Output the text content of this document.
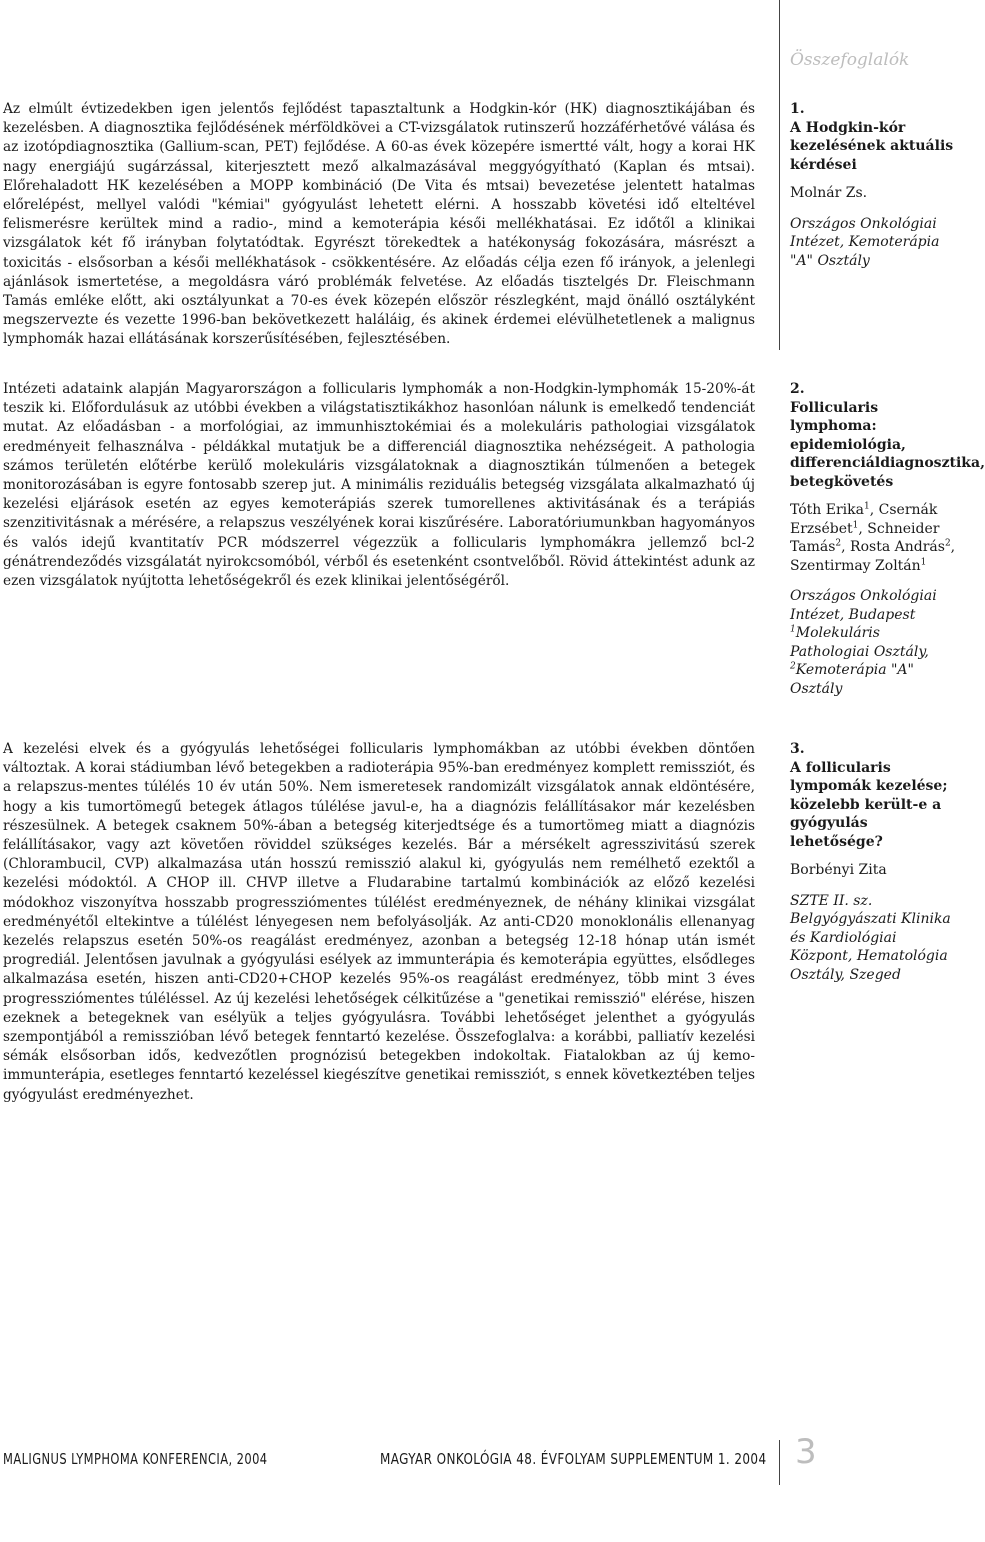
Összefoglalók
Az elmúlt évtizedekben igen jelentős fejlődést tapasztaltunk a Hodgkin-kór (HK) diagnosztikájában és kezelésben. A diagnosztika fejlődésének mérföldkövei a CT-vizsgálatok rutinszerű hozzáférhetővé válása és az izotópdiagnosztika (Gallium-scan, PET) fejlődése. A 60-as évek közepére ismertté vált, hogy a korai HK nagy energiájú sugárzással, kiterjesztett mező alkalmazásával meggyógyítható (Kaplan és mtsai). Előrehaladott HK kezelésében a MOPP kombináció (De Vita és mtsai) bevezetése jelentett hatalmas előrelépést, mellyel valódi "kémiai" gyógyulást lehetett elérni. A hosszabb követési idő elteltével felismerésre kerültek mind a radio-, mind a kemoterápia késői mellékhatásai. Ez időtől a klinikai vizsgálatok két fő irányban folytatódtak. Egyrészt törekedtek a hatékonyság fokozására, másrészt a toxicitás - elsősorban a késői mellékhatások - csökkentésére. Az előadás célja ezen fő irányok, a jelenlegi ajánlások ismertetése, a megoldásra váró problémák felvetése. Az előadás tisztelgés Dr. Fleischmann Tamás emléke előtt, aki osztályunkat a 70-es évek közepén először részlegként, majd önálló osztályként megszervezte és vezette 1996-ban bekövetkezett haláláig, és akinek érdemei elévülhetetlenek a malignus lymphomák hazai ellátásának korszerűsítésében, fejlesztésében.
1.
A Hodgkin-kór kezelésének aktuális kérdései
Molnár Zs.
Országos Onkológiai Intézet, Kemoterápia "A" Osztály
Intézeti adataink alapján Magyarországon a follicularis lymphomák a non-Hodgkin-lymphomák 15-20%-át teszik ki. Előfordulásuk az utóbbi években a világstatisztikákhoz hasonlóan nálunk is emelkedő tendenciát mutat. Az előadásban - a morfológiai, az immunhisztokémiai és a molekuláris pathologiai vizsgálatok eredményeit felhasználva - példákkal mutatjuk be a differenciál diagnosztika nehézségeit. A pathologia számos területén előtérbe kerülő molekuláris vizsgálatoknak a diagnosztikán túlmenően a betegek monitorozásában is egyre fontosabb szerep jut. A minimális reziduális betegség vizsgálata alkalmazható új kezelési eljárások esetén az egyes kemoterápiás szerek tumorellenes aktivitásának és a terápiás szenzitivitásnak a mérésére, a relapszus veszélyének korai kiszűrésére. Laboratóriumunkban hagyományos és valós idejű kvantitatív PCR módszerrel végezzük a follicularis lymphomákra jellemző bcl-2 génátrendeződés vizsgálatát nyirokcsomóból, vérből és esetenként csontvelőből. Rövid áttekintést adunk az ezen vizsgálatok nyújtotta lehetőségekről és ezek klinikai jelentőségéről.
2.
Follicularis lymphoma: epidemiológia, differenciáldiagnosztika, betegkövetés
Tóth Erika$^1$, Csernák Erzsébet$^1$, Schneider Tamás$^2$, Rosta András$^2$, Szentirmay Zoltán$^1$
Országos Onkológiai Intézet, Budapest
$^1$Molekuláris Pathologiai Osztály, $^2$Kemoterápia "A" Osztály
A kezelési elvek és a gyógyulás lehetőségei follicularis lymphomákban az utóbbi években döntően változtak. A korai stádiumban lévő betegekben a radioterápia 95%-ban eredményez komplett remissziót, és a relapszus-mentes túlélés 10 év után 50%. Nem ismeretesek randomizált vizsgálatok annak eldöntésére, hogy a kis tumortömegű betegek átlagos túlélése javul-e, ha a diagnózis felállításakor már kezelésben részesülnek. A betegek csaknem 50%-ában a betegség kiterjedtsége és a tumortömeg miatt a diagnózis felállításakor, vagy azt követően röviddel szükséges kezelés. Bár a mérsékelt agresszivitású szerek (Chlorambucil, CVP) alkalmazása után hosszú remisszió alakul ki, gyógyulás nem remélhető ezektől a kezelési módoktól. A CHOP ill. CHVP illetve a Fludarabine tartalmú kombinációk az előző kezelési módokhoz viszonyítva hosszabb progressziómentes túlélést eredményeznek, de néhány klinikai vizsgálat eredményétől eltekintve a túlélést lényegesen nem befolyásolják. Az anti-CD20 monoklonális ellenanyag kezelés relapszus esetén 50%-os reagálást eredményez, azonban a betegség 12-18 hónap után ismét progrediál. Jelentősen javulnak a gyógyulási esélyek az immunterápia és kemoterápia együttes, elsődleges alkalmazása esetén, hiszen anti-CD20+CHOP kezelés 95%-os reagálást eredményez, több mint 3 éves progressziómentes túléléssel. Az új kezelési lehetőségek célkitűzése a "genetikai remisszió" elérése, hiszen ezeknek a betegeknek van esélyük a teljes gyógyulásra. További lehetőséget jelenthet a gyógyulás szempontjából a remisszióban lévő betegek fenntartó kezelése. Összefoglalva: a korábbi, palliatív kezelési sémák elsősorban idős, kedvezőtlen prognózisú betegekben indokoltak. Fiatalokban az új kemo-immunterápia, esetleges fenntartó kezeléssel kiegészítve genetikai remissziót, s ennek következtében teljes gyógyulást eredményezhet.
3.
A follicularis lympomák kezelése; közelebb került-e a gyógyulás lehetősége?
Borbényi Zita
SZTE II. sz. Belgyógyászati Klinika és Kardiológiai Központ, Hematológia Osztály, Szeged
MALIGNUS LYMPHOMA KONFERENCIA, 2004	MAGYAR ONKOLÓGIA 48. ÉVFOLYAM SUPPLEMENTUM 1. 2004 3
